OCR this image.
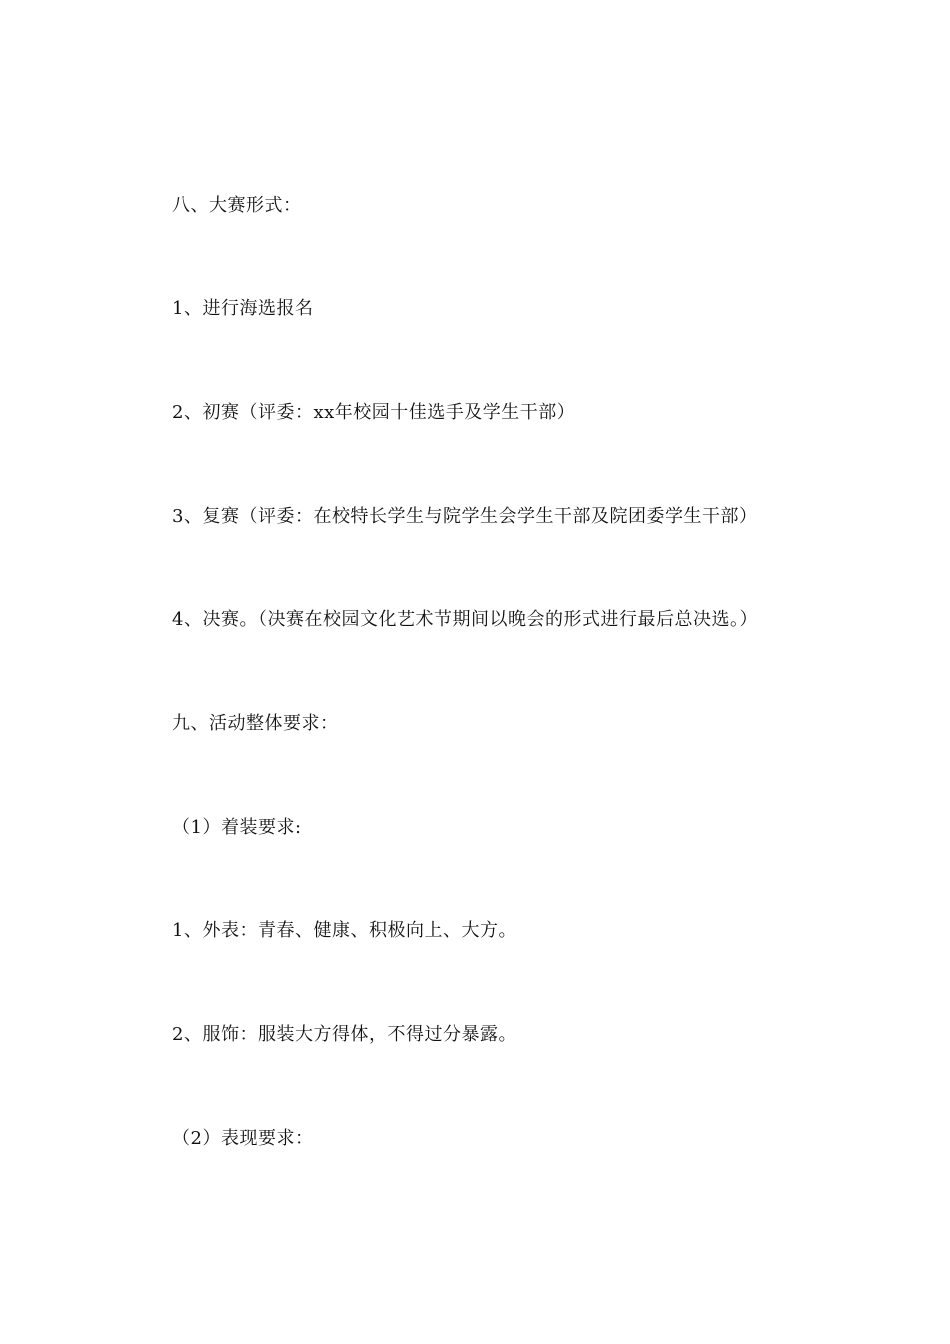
八、大赛形式：
1、进行海选报名
2、初赛（评委：xx年校园十佳选手及学生干部）
3、复赛（评委：在校特长学生与院学生会学生干部及院团委学生干部）
4、决赛。（决赛在校园文化艺术节期间以晚会的形式进行最后总决选。）
九、活动整体要求：
（1）着装要求:
1、外表：青春、健康、积极向上、大方。
2、服饰：服装大方得体，不得过分暴露。
（2）表现要求：
